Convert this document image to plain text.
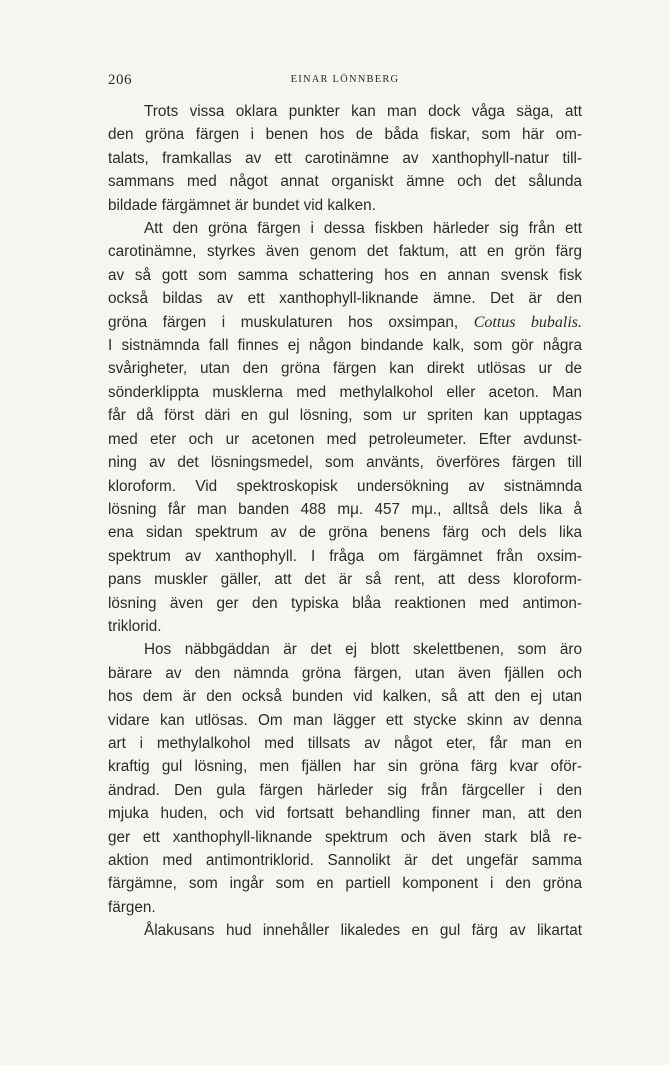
206	EINAR LÖNNBERG

Trots vissa oklara punkter kan man dock våga säga, att
den gröna färgen i benen hos de båda fiskar, som här om-
talats, framkallas av ett carotinämne av xanthophyll-natur till-
sammans med något annat organiskt ämne och det sålunda
bildade färgämnet är bundet vid kalken.

Att den gröna färgen i dessa fiskben härleder sig från ett
carotinämne, styrkes även genom det faktum, att en grön färg
av så gott som samma schattering hos en annan svensk fisk
också bildas av ett xanthophyll-liknande ämne. Det är den
gröna färgen i muskulaturen hos oxsimpan, Cottus bubalis.
I sistnämnda fall finnes ej någon bindande kalk, som gör några
svårigheter, utan den gröna färgen kan direkt utlösas ur de
sönderklippta musklerna med methylalkohol eller aceton. Man
får då först däri en gul lösning, som ur spriten kan upptagas
med eter och ur acetonen med petroleumeter. Efter avdunst-
ning av det lösningsmedel, som använts, överföres färgen till
kloroform. Vid spektroskopisk undersökning av sistnämnda
lösning får man banden 488 mμ. 457 mμ., alltså dels lika å
ena sidan spektrum av de gröna benens färg och dels lika
spektrum av xanthophyll. I fråga om färgämnet från oxsim-
pans muskler gäller, att det är så rent, att dess kloroform-
lösning även ger den typiska blåa reaktionen med antimon-
triklorid.

Hos näbbgäddan är det ej blott skelettbenen, som äro
bärare av den nämnda gröna färgen, utan även fjällen och
hos dem är den också bunden vid kalken, så att den ej utan
vidare kan utlösas. Om man lägger ett stycke skinn av denna
art i methylalkohol med tillsats av något eter, får man en
kraftig gul lösning, men fjällen har sin gröna färg kvar oför-
ändrad. Den gula färgen härleder sig från färgceller i den
mjuka huden, och vid fortsatt behandling finner man, att den
ger ett xanthophyll-liknande spektrum och även stark blå re-
aktion med antimontriklorid. Sannolikt är det ungefär samma
färgämne, som ingår som en partiell komponent i den gröna
färgen.

Ålakusans hud innehåller likaledes en gul färg av likartat
